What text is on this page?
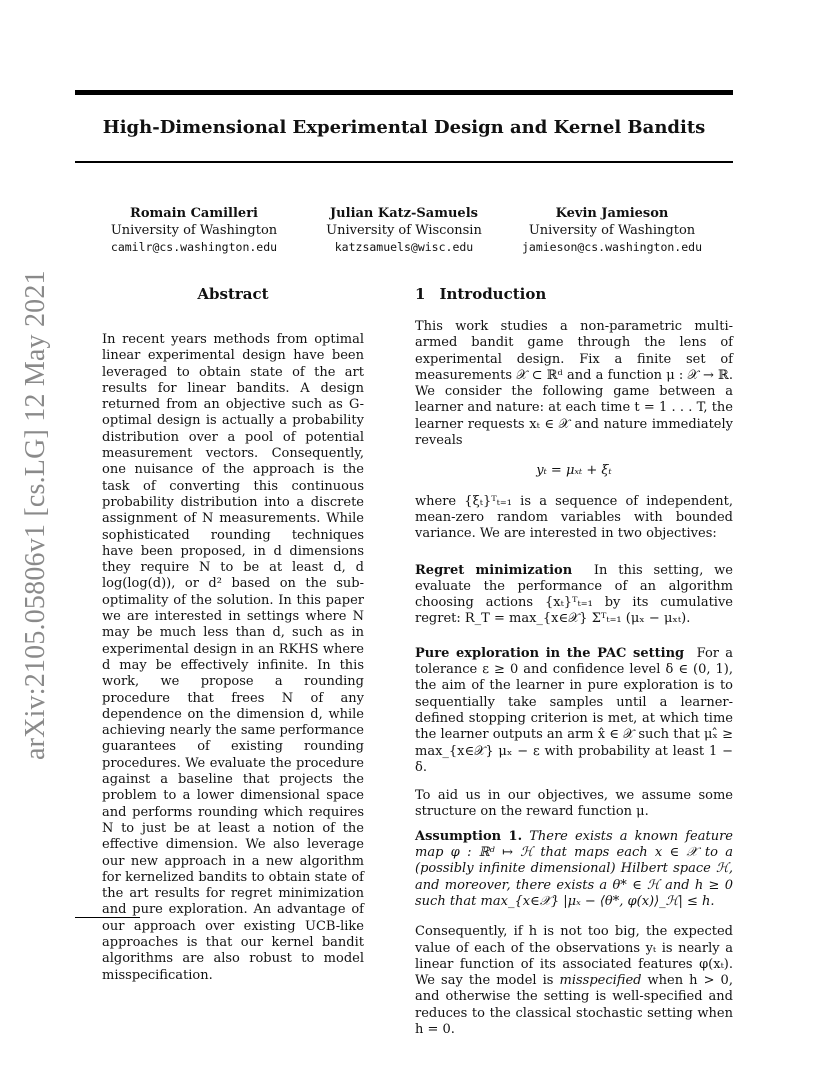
arXiv:2105.05806v1 [cs.LG] 12 May 2021
High-Dimensional Experimental Design and Kernel Bandits
Romain Camilleri
University of Washington
camilr@cs.washington.edu
Julian Katz-Samuels
University of Wisconsin
katzsamuels@wisc.edu
Kevin Jamieson
University of Washington
jamieson@cs.washington.edu
Abstract
In recent years methods from optimal linear experimental design have been leveraged to obtain state of the art results for linear bandits. A design returned from an objective such as G-optimal design is actually a probability distribution over a pool of potential measurement vectors. Consequently, one nuisance of the approach is the task of converting this continuous probability distribution into a discrete assignment of N measurements. While sophisticated rounding techniques have been proposed, in d dimensions they require N to be at least d, d log(log(d)), or d² based on the sub-optimality of the solution. In this paper we are interested in settings where N may be much less than d, such as in experimental design in an RKHS where d may be effectively infinite. In this work, we propose a rounding procedure that frees N of any dependence on the dimension d, while achieving nearly the same performance guarantees of existing rounding procedures. We evaluate the procedure against a baseline that projects the problem to a lower dimensional space and performs rounding which requires N to just be at least a notion of the effective dimension. We also leverage our new approach in a new algorithm for kernelized bandits to obtain state of the art results for regret minimization and pure exploration. An advantage of our approach over existing UCB-like approaches is that our kernel bandit algorithms are also robust to model misspecification.
1 Introduction

This work studies a non-parametric multi-armed bandit game through the lens of experimental design. Fix a finite set of measurements 𝒳 ⊂ ℝᵈ and a function μ : 𝒳 → ℝ. We consider the following game between a learner and nature: at each time t = 1 . . . T, the learner requests xₜ ∈ 𝒳 and nature immediately reveals

yₜ = μₓₜ + ξₜ

where {ξₜ}ᵀₜ₌₁ is a sequence of independent, mean-zero random variables with bounded variance. We are interested in two objectives:

Regret minimization In this setting, we evaluate the performance of an algorithm choosing actions {xₜ}ᵀₜ₌₁ by its cumulative regret: R_T = max_{x∈𝒳} Σᵀₜ₌₁ (μₓ − μₓₜ).

Pure exploration in the PAC setting For a tolerance ε ≥ 0 and confidence level δ ∈ (0, 1), the aim of the learner in pure exploration is to sequentially take samples until a learner-defined stopping criterion is met, at which time the learner outputs an arm x̂ ∈ 𝒳 such that μₓ̂ ≥ max_{x∈𝒳} μₓ − ε with probability at least 1 − δ.

To aid us in our objectives, we assume some structure on the reward function μ.

Assumption 1. There exists a known feature map φ : ℝᵈ ↦ ℋ that maps each x ∈ 𝒳 to a (possibly infinite dimensional) Hilbert space ℋ, and moreover, there exists a θ* ∈ ℋ and h ≥ 0 such that max_{x∈𝒳} |μₓ − ⟨θ*, φ(x)⟩_ℋ| ≤ h.

Consequently, if h is not too big, the expected value of each of the observations yₜ is nearly a linear function of its associated features φ(xₜ). We say the model is misspecified when h > 0, and otherwise the setting is well-specified and reduces to the classical stochastic setting when h = 0.
